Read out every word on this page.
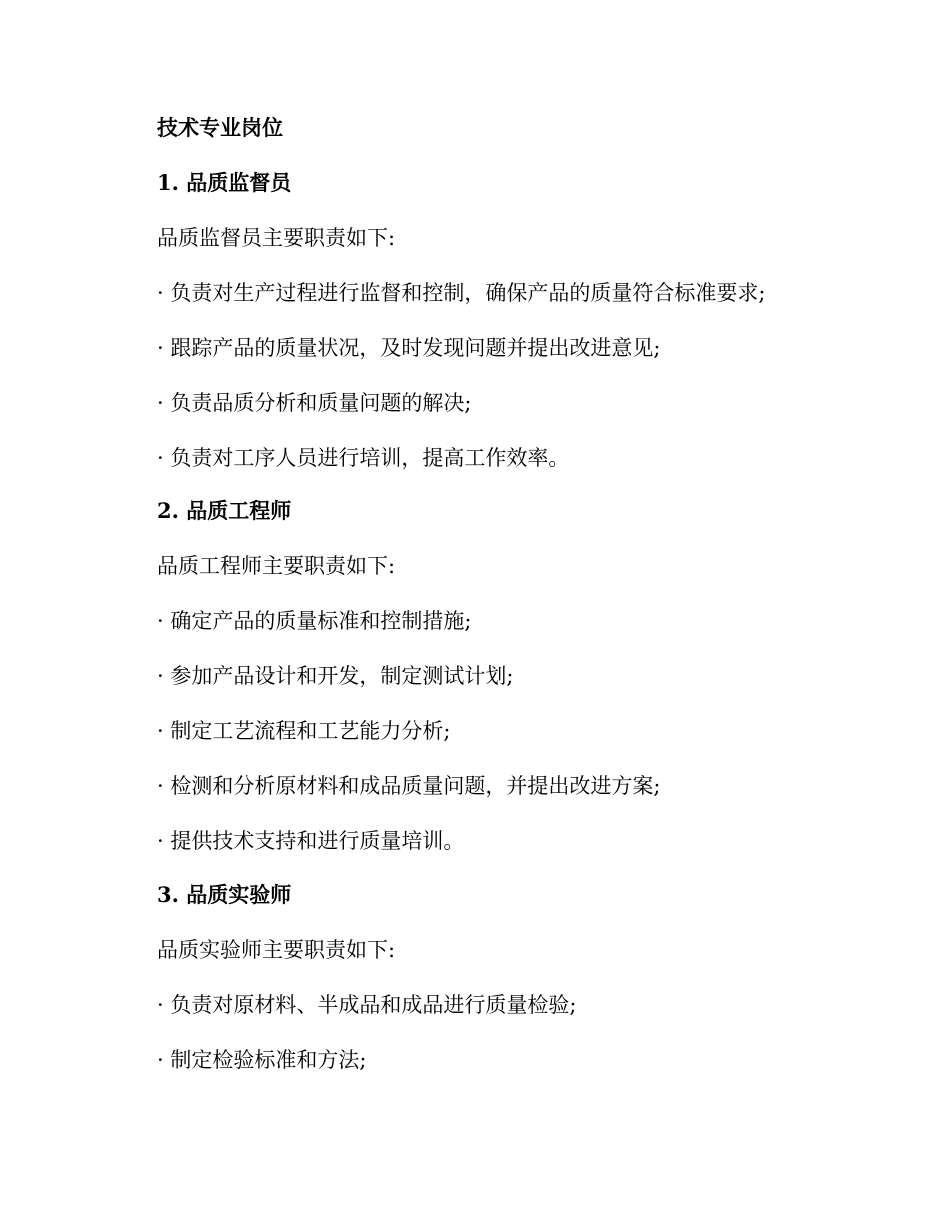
技术专业岗位
1. 品质监督员
品质监督员主要职责如下:
· 负责对生产过程进行监督和控制，确保产品的质量符合标准要求;
· 跟踪产品的质量状况，及时发现问题并提出改进意见;
· 负责品质分析和质量问题的解决;
· 负责对工序人员进行培训，提高工作效率。
2. 品质工程师
品质工程师主要职责如下:
· 确定产品的质量标准和控制措施;
· 参加产品设计和开发，制定测试计划;
· 制定工艺流程和工艺能力分析;
· 检测和分析原材料和成品质量问题，并提出改进方案;
· 提供技术支持和进行质量培训。
3. 品质实验师
品质实验师主要职责如下:
· 负责对原材料、半成品和成品进行质量检验;
· 制定检验标准和方法;
